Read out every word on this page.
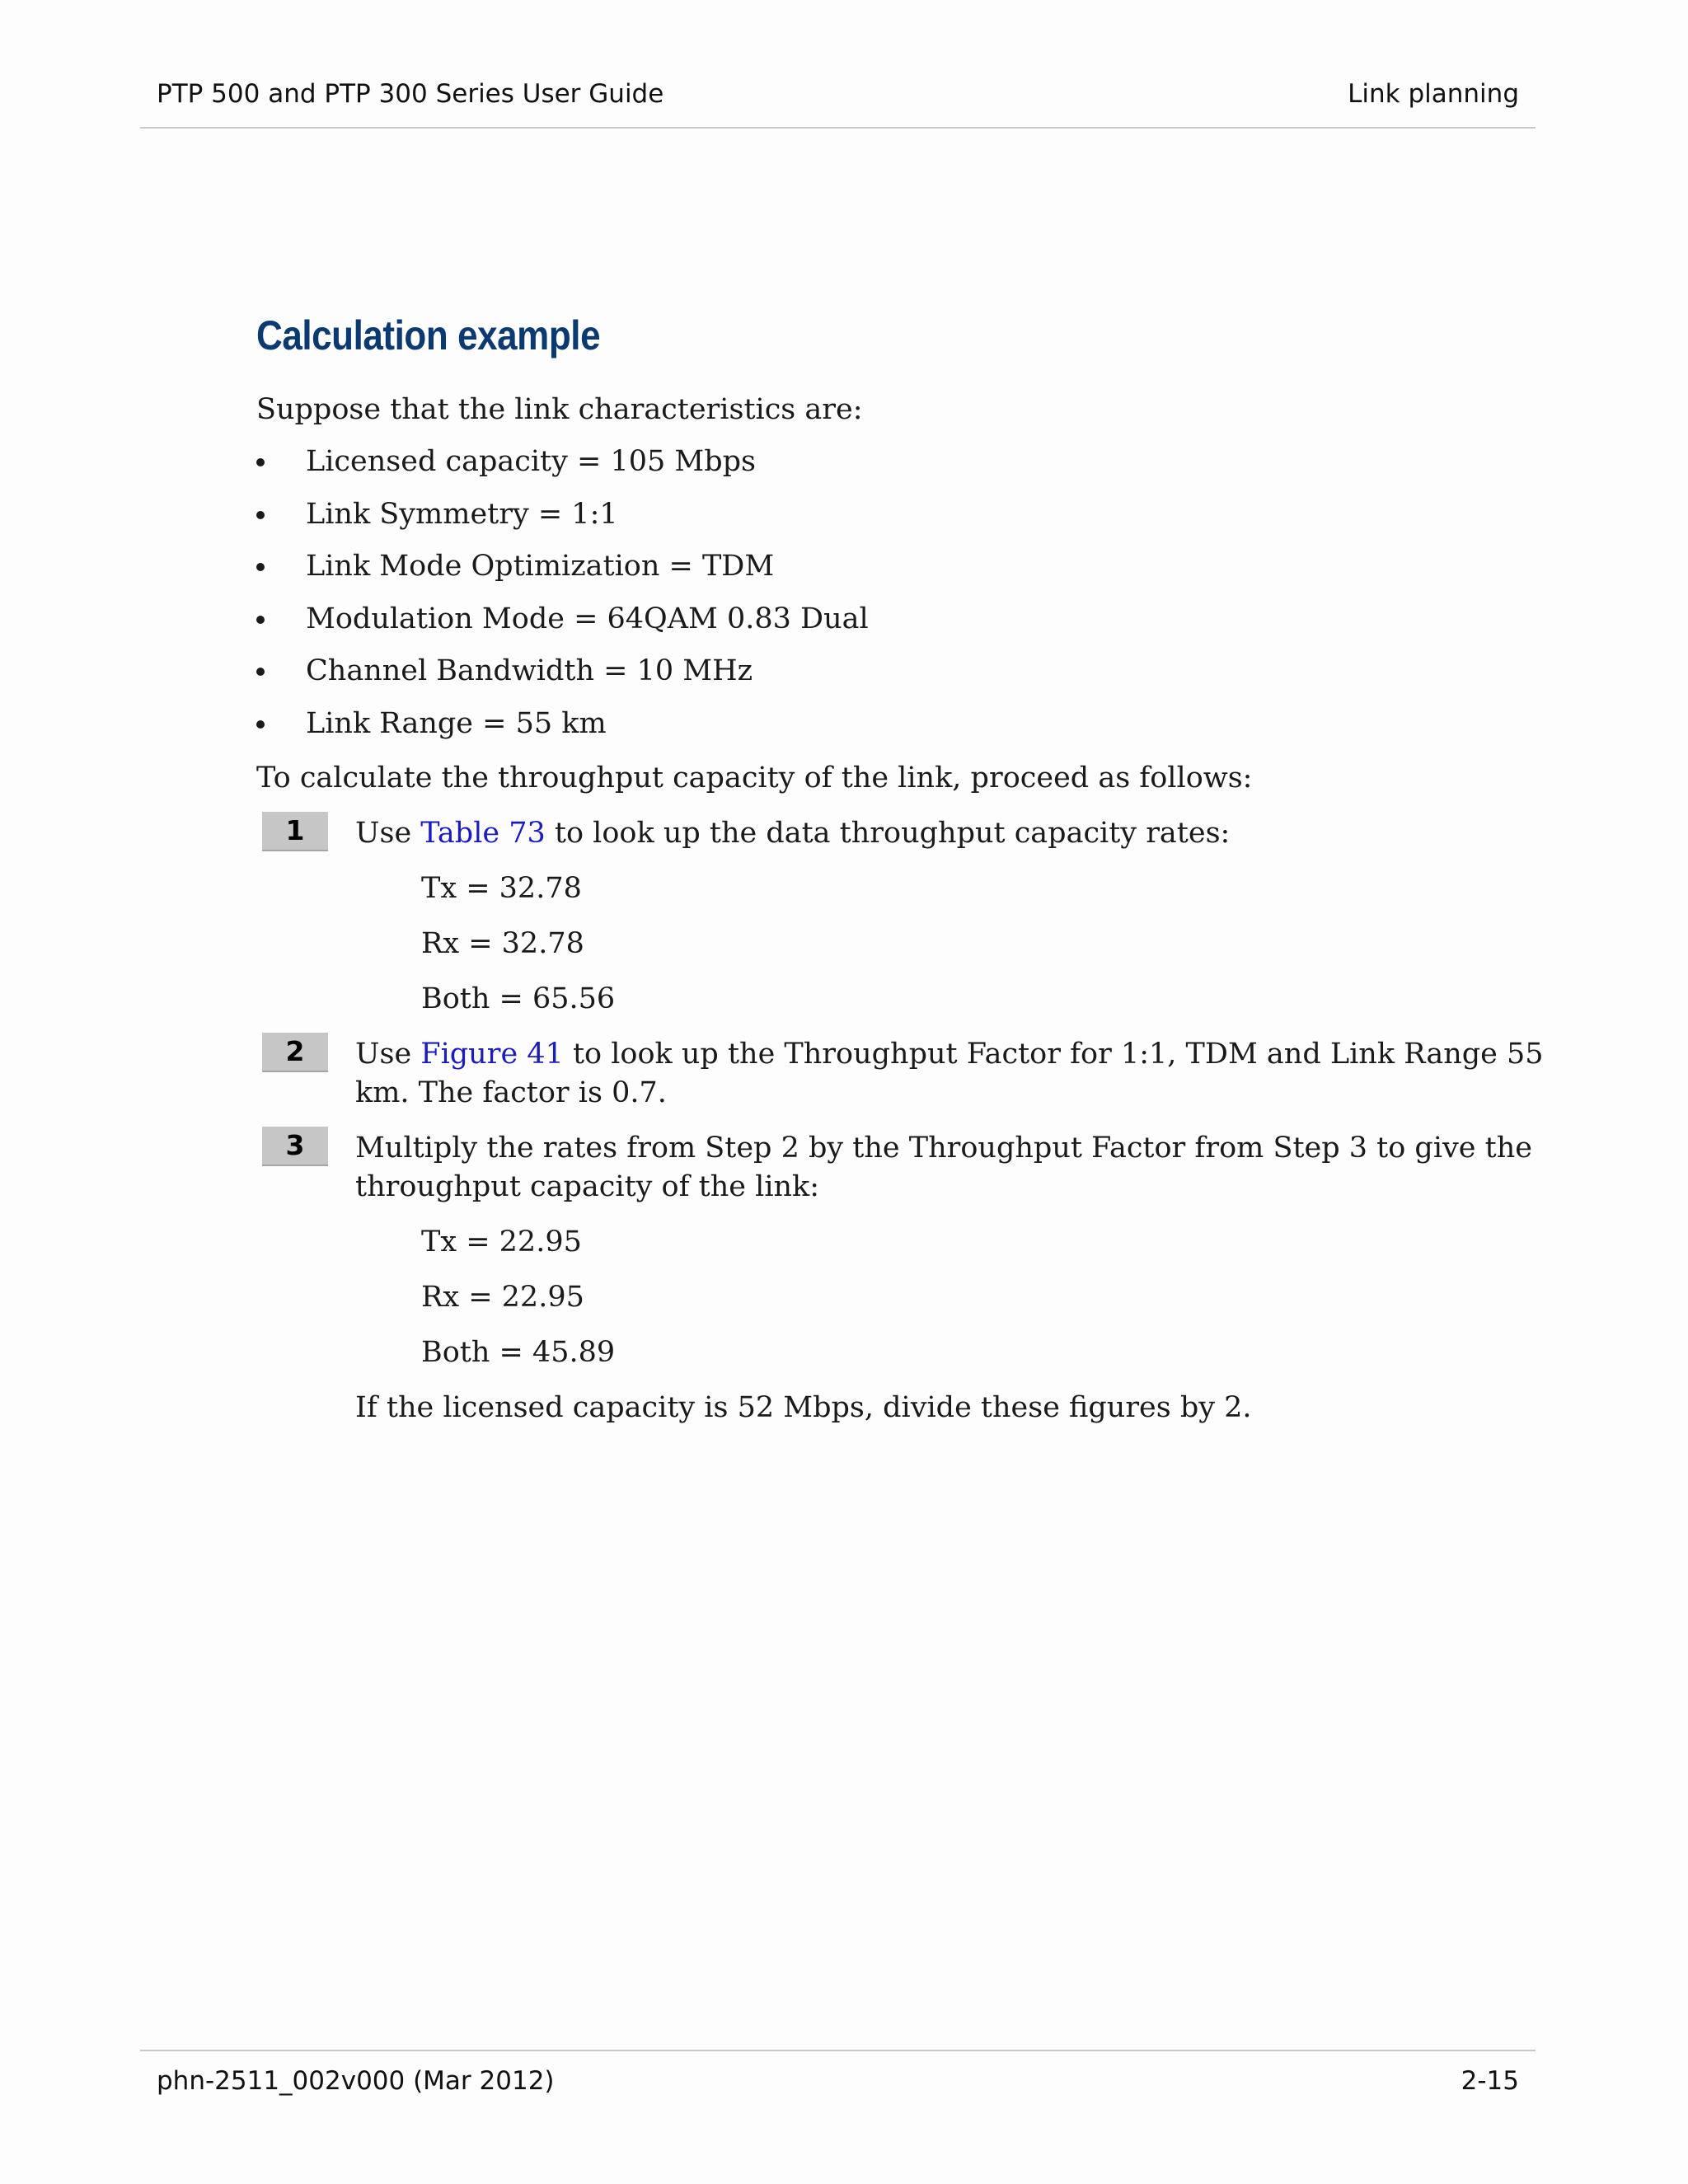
PTP 500 and PTP 300 Series User Guide	Link planning
Calculation example
Suppose that the link characteristics are:
Licensed capacity = 105 Mbps
Link Symmetry = 1:1
Link Mode Optimization = TDM
Modulation Mode = 64QAM 0.83 Dual
Channel Bandwidth = 10 MHz
Link Range = 55 km
To calculate the throughput capacity of the link, proceed as follows:
1	Use Table 73 to look up the data throughput capacity rates:
Tx = 32.78
Rx = 32.78
Both = 65.56
2	Use Figure 41 to look up the Throughput Factor for 1:1, TDM and Link Range 55
km. The factor is 0.7.
3	Multiply the rates from Step 2 by the Throughput Factor from Step 3 to give the
throughput capacity of the link:
Tx = 22.95
Rx = 22.95
Both = 45.89
If the licensed capacity is 52 Mbps, divide these figures by 2.
phn-2511_002v000 (Mar 2012)	2-15
